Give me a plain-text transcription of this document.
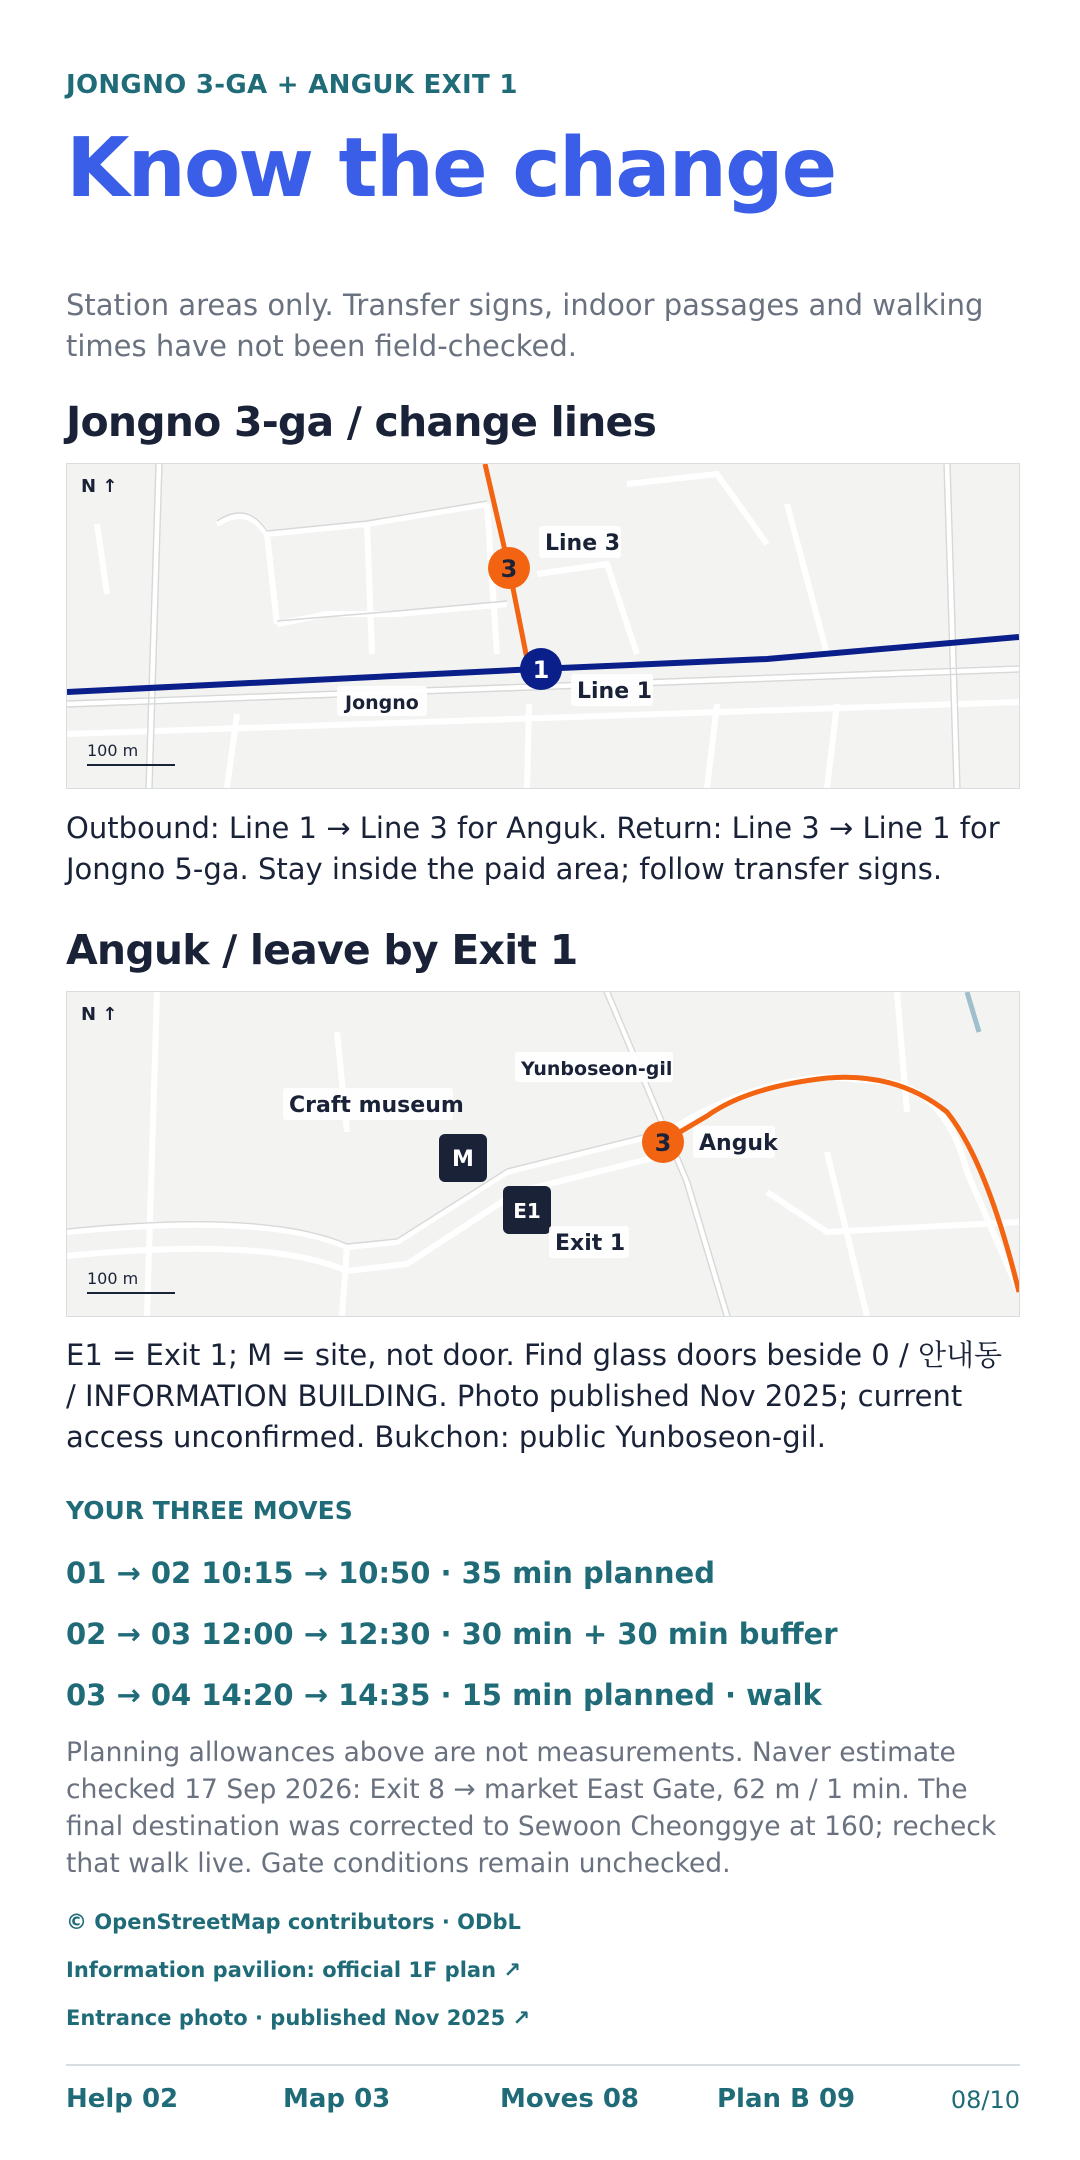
JONGNO 3-GA + ANGUK EXIT 1
Know the change
Station areas only. Transfer signs, indoor passages and walking times have not been field-checked.
Jongno 3-ga / change lines
3
Line 3
1
Line 1
Jongno
N ↑
100 m
Outbound: Line 1 → Line 3 for Anguk. Return: Line 3 → Line 1 for Jongno 5-ga. Stay inside the paid area; follow transfer signs.
Anguk / leave by Exit 1
3 Anguk
Yunboseon-gil
Craft museum
M
E1
Exit 1
N ↑
100 m
E1 = Exit 1; M = site, not door. Find glass doors beside 0 / 안내동 / INFORMATION BUILDING. Photo published Nov 2025; current access unconfirmed. Bukchon: public Yunboseon-gil.
YOUR THREE MOVES
01 → 02 10:15 → 10:50 · 35 min planned
02 → 03 12:00 → 12:30 · 30 min + 30 min buffer
03 → 04 14:20 → 14:35 · 15 min planned · walk
Planning allowances above are not measurements. Naver estimate checked 17 Sep 2026: Exit 8 → market East Gate, 62 m / 1 min. The final destination was corrected to Sewoon Cheonggye at 160; recheck that walk live. Gate conditions remain unchecked.
© OpenStreetMap contributors · ODbL
Information pavilion: official 1F plan ↗
Entrance photo · published Nov 2025 ↗
Help 02	Map 03	Moves 08	Plan B 09	08/10
